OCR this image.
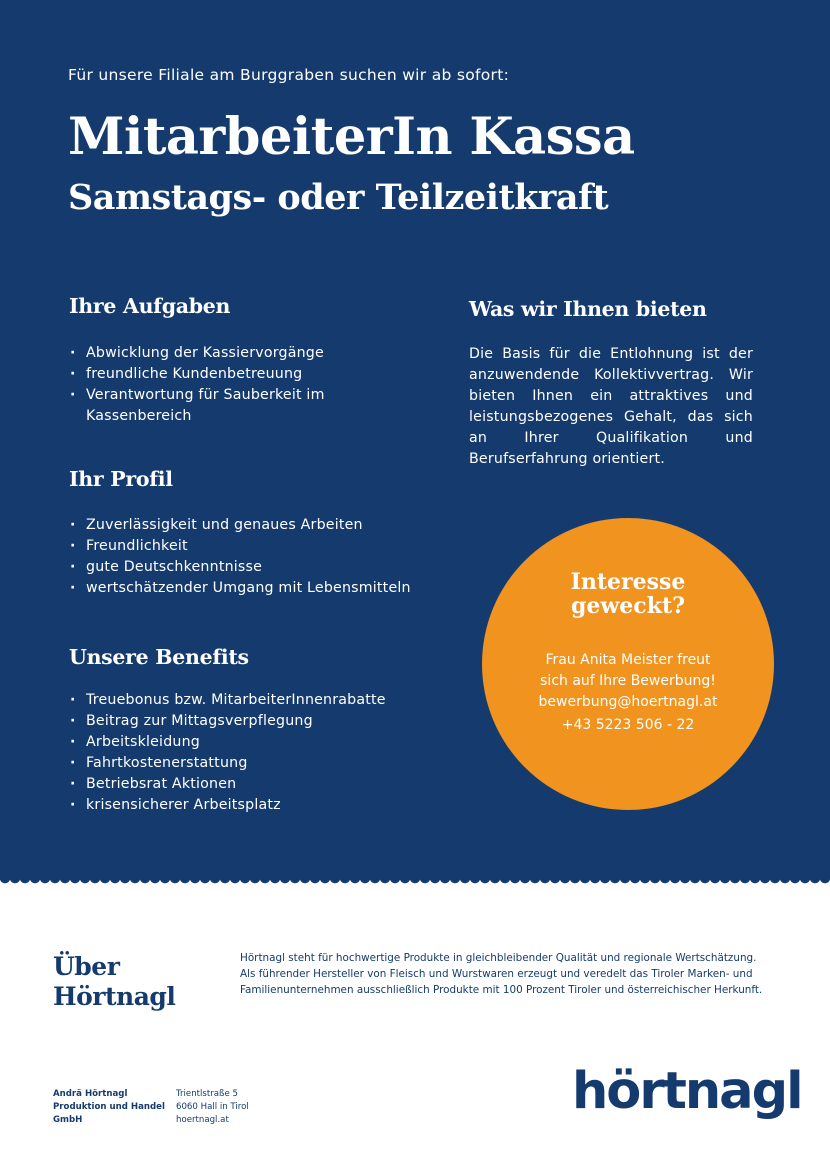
Für unsere Filiale am Burggraben suchen wir ab sofort:
MitarbeiterIn Kassa
Samstags- oder Teilzeitkraft
Ihre Aufgaben
· Abwicklung der Kassiervorgänge
· freundliche Kundenbetreuung
· Verantwortung für Sauberkeit im Kassenbereich
Ihr Profil
· Zuverlässigkeit und genaues Arbeiten
· Freundlichkeit
· gute Deutschkenntnisse
· wertschätzender Umgang mit Lebensmitteln
Unsere Benefits
· Treuebonus bzw. MitarbeiterInnenrabatte
· Beitrag zur Mittagsverpflegung
· Arbeitskleidung
· Fahrtkostenerstattung
· Betriebsrat Aktionen
· krisensicherer Arbeitsplatz
Was wir Ihnen bieten
Die Basis für die Entlohnung ist der anzuwendende Kollektivvertrag. Wir bieten Ihnen ein attraktives und leistungsbezogenes Gehalt, das sich an Ihrer Qualifikation und Berufserfahrung orientiert.
Interesse
geweckt?
Frau Anita Meister freut
sich auf Ihre Bewerbung!
bewerbung@hoertnagl.at
+43 5223 506 - 22
Über
Hörtnagl
Hörtnagl steht für hochwertige Produkte in gleichbleibender Qualität und regionale Wertschätzung. Als führender Hersteller von Fleisch und Wurstwaren erzeugt und veredelt das Tiroler Marken- und Familienunternehmen ausschließlich Produkte mit 100 Prozent Tiroler und österreichischer Herkunft.
Andrä Hörtnagl
Produktion und Handel
GmbH
Trientlstraße 5
6060 Hall in Tirol
hoertnagl.at	hörtnagl
